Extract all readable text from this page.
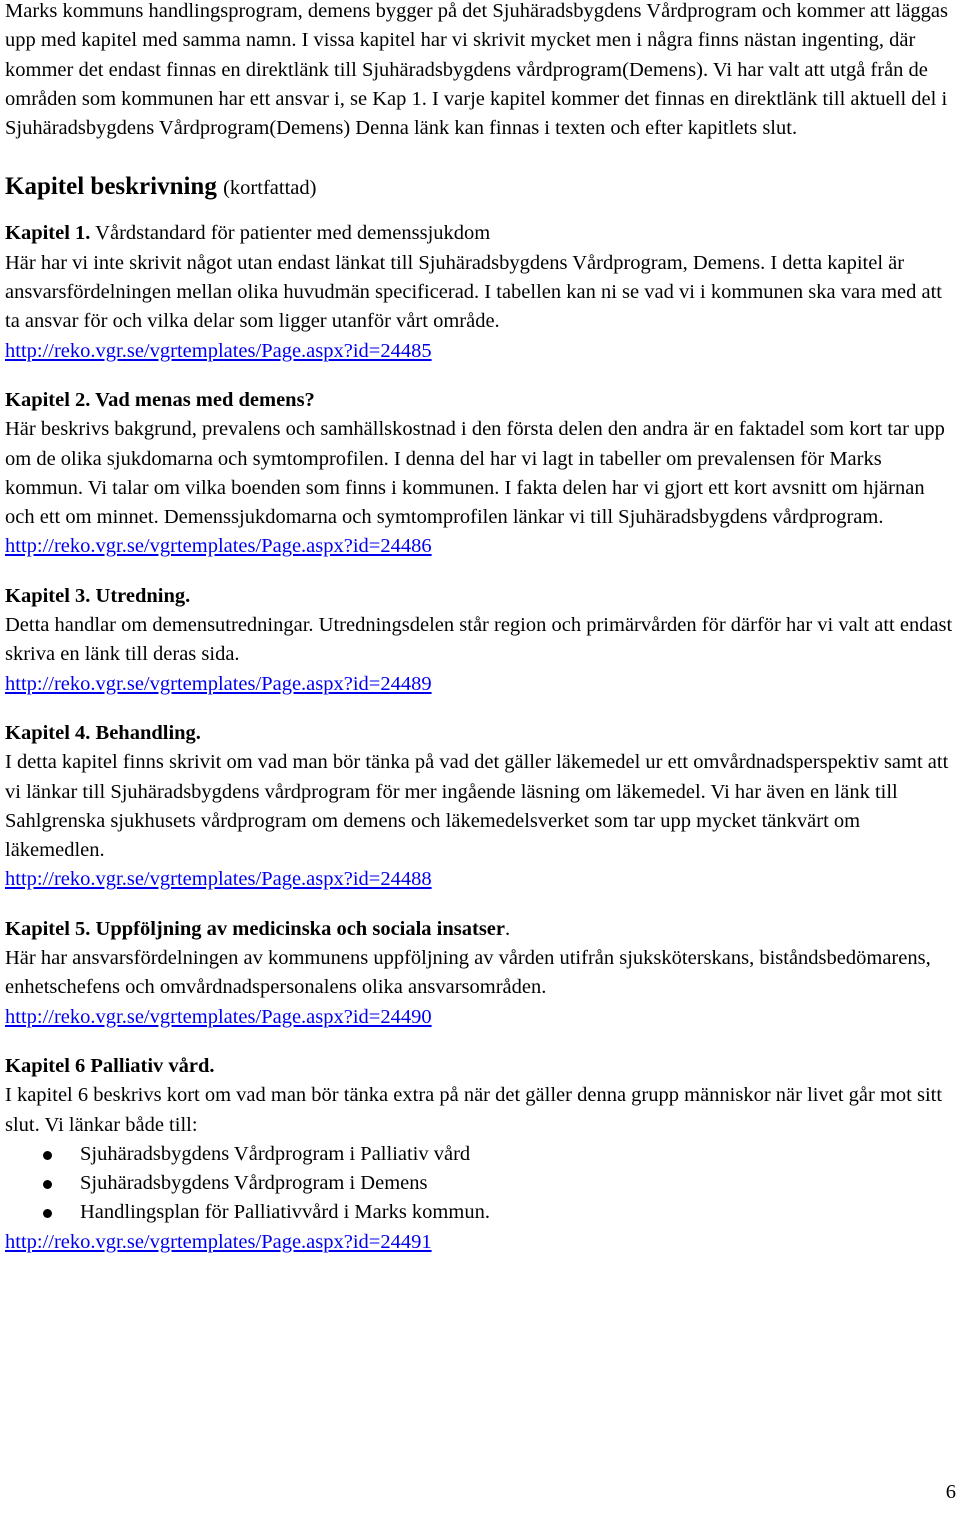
Marks kommuns handlingsprogram, demens bygger på det Sjuhäradsbygdens Vårdprogram och kommer att läggas upp med kapitel med samma namn. I vissa kapitel har vi skrivit mycket men i några finns nästan ingenting, där kommer det endast finnas en direktlänk till Sjuhäradsbygdens vårdprogram(Demens). Vi har valt att utgå från de områden som kommunen har ett ansvar i, se Kap 1. I varje kapitel kommer det finnas en direktlänk till aktuell del i Sjuhäradsbygdens Vårdprogram(Demens) Denna länk kan finnas i texten och efter kapitlets slut.

Kapitel beskrivning (kortfattad)

Kapitel 1. Vårdstandard för patienter med demenssjukdom

Här har vi inte skrivit något utan endast länkat till Sjuhäradsbygdens Vårdprogram, Demens. I detta kapitel är ansvarsfördelningen mellan olika huvudmän specificerad. I tabellen kan ni se vad vi i kommunen ska vara med att ta ansvar för och vilka delar som ligger utanför vårt område.

http://reko.vgr.se/vgrtemplates/Page.aspx?id=24485

Kapitel 2. Vad menas med demens?

Här beskrivs bakgrund, prevalens och samhällskostnad i den första delen den andra är en faktadel som kort tar upp om de olika sjukdomarna och symtomprofilen. I denna del har vi lagt in tabeller om prevalensen för Marks kommun. Vi talar om vilka boenden som finns i kommunen. I fakta delen har vi gjort ett kort avsnitt om hjärnan och ett om minnet. Demenssjukdomarna och symtomprofilen länkar vi till Sjuhäradsbygdens vårdprogram.

http://reko.vgr.se/vgrtemplates/Page.aspx?id=24486

Kapitel 3. Utredning.

Detta handlar om demensutredningar. Utredningsdelen står region och primärvården för därför har vi valt att endast skriva en länk till deras sida.

http://reko.vgr.se/vgrtemplates/Page.aspx?id=24489

Kapitel 4. Behandling.

I detta kapitel finns skrivit om vad man bör tänka på vad det gäller läkemedel ur ett omvårdnadsperspektiv samt att vi länkar till Sjuhäradsbygdens vårdprogram för mer ingående läsning om läkemedel. Vi har även en länk till Sahlgrenska sjukhusets vårdprogram om demens och läkemedelsverket som tar upp mycket tänkvärt om läkemedlen.

http://reko.vgr.se/vgrtemplates/Page.aspx?id=24488

Kapitel 5. Uppföljning av medicinska och sociala insatser.

Här har ansvarsfördelningen av kommunens uppföljning av vården utifrån sjuksköterskans, biståndsbedömarens, enhetschefens och omvårdnadspersonalens olika ansvarsområden.

http://reko.vgr.se/vgrtemplates/Page.aspx?id=24490

Kapitel 6 Palliativ vård.

I kapitel 6 beskrivs kort om vad man bör tänka extra på när det gäller denna grupp människor när livet går mot sitt slut. Vi länkar både till:

Sjuhäradsbygdens Vårdprogram i Palliativ vård
Sjuhäradsbygdens Vårdprogram i Demens
Handlingsplan för Palliativvård i Marks kommun.

http://reko.vgr.se/vgrtemplates/Page.aspx?id=24491

6
